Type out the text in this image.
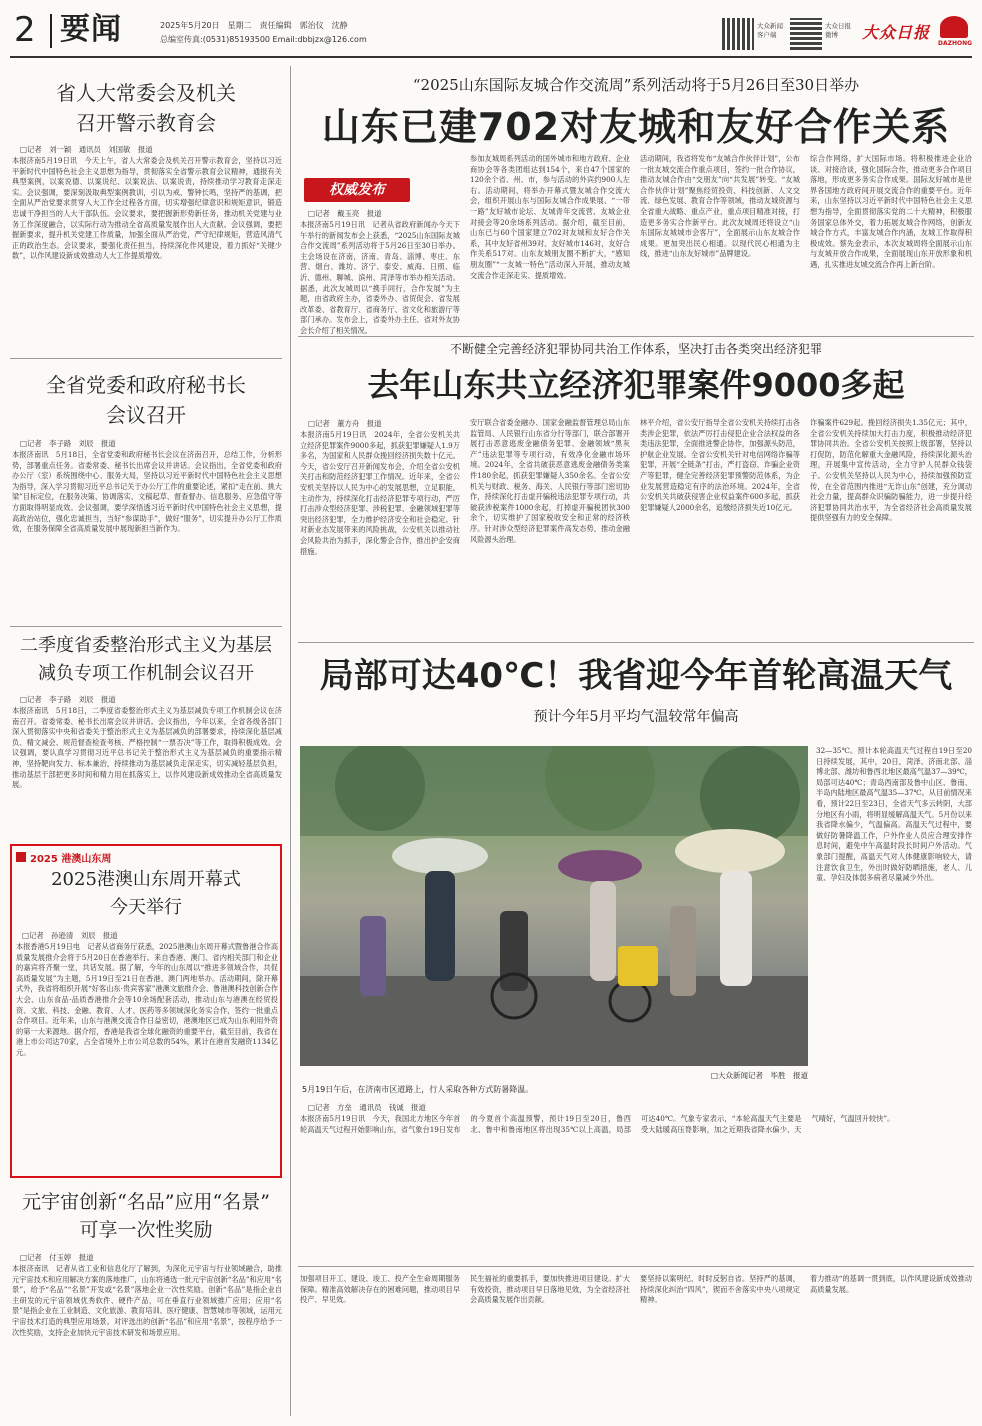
2 要闻	2025年5月20日　星期二　责任编辑　郭治仪　沈静
总编室传真:(0531)85193500 Email:dbbjzx@126.com
大众新闻客户端
大众日报微博	大众日报
DAZHONG
省人大常委会及机关
召开警示教育会
□记者　刘一颖　通讯员　刘国敏　报道
本报济南5月19日讯　今天上午，省人大常委会及机关召开警示教育会，坚持以习近平新时代中国特色社会主义思想为指导，贯彻落实全省警示教育会议精神，通报有关典型案例，以案说德、以案说纪、以案说法、以案说责，持续推动学习教育走深走实。会议强调，要深刻汲取典型案例教训，引以为戒、警钟长鸣，坚持严的基调，把全面从严治党要求贯穿人大工作全过程各方面，切实增强纪律意识和规矩意识，锻造忠诚干净担当的人大干部队伍。会议要求，要把握新形势新任务，推动机关党建与业务工作深度融合，以实际行动为推动全省高质量发展作出人大贡献。会议强调，要把握新要求，提升机关党建工作质量，加强全面从严治党，严守纪律规矩，营造风清气正的政治生态。会议要求，要强化责任担当，持续深化作风建设，着力抓好“关键少数”，以作风建设新成效推动人大工作提质增效。
全省党委和政府秘书长
会议召开
□记者　李子路　刘辰　报道
本报济南讯　5月18日，全省党委和政府秘书长会议在济南召开，总结工作，分析形势，部署重点任务。省委常委、秘书长出席会议并讲话。会议指出，全省党委和政府办公厅（室）系统围绕中心、服务大局，坚持以习近平新时代中国特色社会主义思想为指导，深入学习贯彻习近平总书记关于办公厅工作的重要论述，紧扣“走在前、挑大梁”目标定位，在服务决策、协调落实、文稿起草、督查督办、信息服务、应急值守等方面取得明显成效。会议强调，要学深悟透习近平新时代中国特色社会主义思想，提高政治站位，强化忠诚担当，当好“参谋助手”，做好“服务”，切实提升办公厅工作质效，在服务保障全省高质量发展中展现新担当新作为。
二季度省委整治形式主义为基层
减负专项工作机制会议召开
□记者　李子路　刘辰　报道
本报济南讯　5月18日，二季度省委整治形式主义为基层减负专项工作机制会议在济南召开。省委常委、秘书长出席会议并讲话。会议指出，今年以来，全省各级各部门深入贯彻落实中央和省委关于整治形式主义为基层减负的部署要求，持续深化基层减负、精文减会、规范督查检查考核、严格控制“一票否决”等工作，取得积极成效。会议强调，要认真学习贯彻习近平总书记关于整治形式主义为基层减负的重要指示精神，坚持靶向发力、标本兼治，持续推动为基层减负走深走实，切实减轻基层负担，推动基层干部把更多时间和精力用在抓落实上，以作风建设新成效推动全省高质量发展。
2025 港澳山东周
2025港澳山东周开幕式
今天举行
□记者　孙逊清　刘辰　报道
本报香港5月19日电　记者从省商务厅获悉，2025港澳山东周开幕式暨鲁港合作高质量发展推介会将于5月20日在香港举行。来自香港、澳门、省内相关部门和企业的嘉宾将齐聚一堂，共话发展。据了解，今年的山东周以“推进多领域合作，共促高质量发展”为主题，5月19日至21日在香港、澳门两地举办。活动期间，除开幕式外，我省将组织开展“好客山东·贵宾客家”港澳文旅推介会、鲁港澳科技创新合作大会、山东食品·品质香港推介会等10余场配套活动，推动山东与港澳在经贸投资、文旅、科技、金融、教育、人才、医药等多领域深化务实合作，签约一批重点合作项目。近年来，山东与港澳交流合作日益密切，港澳地区已成为山东利用外资的第一大来源地。据介绍，香港是我省全球化融资的重要平台，截至目前，我省在港上市公司达70家，占全省境外上市公司总数的54%，累计在港首发融资1134亿元。
元宇宙创新“名品”应用“名景”
可享一次性奖励
□记者　付玉婷　报道
本报济南讯　记者从省工业和信息化厅了解到，为深化元宇宙与行业领域融合，助推元宇宙技术和应用解决方案的落地推广，山东将遴选一批元宇宙创新“名品”和应用“名景”，给予“名品”“名景”开发或“名景”落地企业一次性奖励。创新“名品”是指企业自主研发的元宇宙领域优秀软件、硬件产品，可在垂直行业领域推广应用；应用“名景”是指企业在工业制造、文化旅游、教育培训、医疗健康、智慧城市等领域，运用元宇宙技术打造的典型应用场景。对评选出的创新“名品”和应用“名景”，按程序给予一次性奖励，支持企业加快元宇宙技术研发和场景应用。
“2025山东国际友城合作交流周”系列活动将于5月26日至30日举办
山东已建702对友城和友好合作关系
权威发布
□记者　戴玉亮　报道
本报济南5月19日讯　记者从省政府新闻办今天下午举行的新闻发布会上获悉，“2025山东国际友城合作交流周”系列活动将于5月26日至30日举办。主会场设在济南，济南、青岛、淄博、枣庄、东营、烟台、潍坊、济宁、泰安、威海、日照、临沂、德州、聊城、滨州、菏泽等市举办相关活动。据悉，此次友城周以“携手同行，合作发展”为主题，由省政府主办，省委外办、省贸促会、省发展改革委、省教育厅、省商务厅、省文化和旅游厅等部门承办。发布会上，省委外办主任、省对外友协会长介绍了相关情况。
参加友城周系列活动的国外城市和地方政府、企业商协会等各类团组达到154个，来自47个国家的120余个省、州、市，参与活动的外宾约900人左右。活动期间，将举办开幕式暨友城合作交流大会，组织开展山东与国际友城合作成果展、“一带一路”友好城市论坛、友城青年交流营、友城企业对接会等20余场系列活动。据介绍，截至目前，山东已与60个国家建立702对友城和友好合作关系，其中友好省州39对、友好城市146对，友好合作关系517对。山东友城朋友圈不断扩大，“感知朋友圈”“一友城一特色”活动深入开展，推动友城交流合作走深走实、提质增效。
活动期间，我省将发布“友城合作伙伴计划”，公布一批友城交流合作重点项目，签约一批合作协议，推动友城合作由“交朋友”向“共发展”转变。“友城合作伙伴计划”聚焦经贸投资、科技创新、人文交流、绿色发展、教育合作等领域，推动友城资源与全省重大战略、重点产业、重点项目精准对接，打造更多务实合作新平台。此次友城周还将设立“山东国际友城城市会客厅”，全面展示山东友城合作成果。更加突出民心相通。以现代民心相通为主线，推进“山东友好城市”品牌建设。
综合作网络，扩大国际市场。将积极推进企业洽谈、对接洽谈，强化国际合作，推动更多合作项目落地，形成更多务实合作成果。国际友好城市是世界各国地方政府间开展交流合作的重要平台。近年来，山东坚持以习近平新时代中国特色社会主义思想为指导，全面贯彻落实党的二十大精神，积极服务国家总体外交，着力拓展友城合作网络，创新友城合作方式，丰富友城合作内涵，友城工作取得积极成效。蔡先金表示，本次友城周将全面展示山东与友城开放合作成果，全面展现山东开放形象和机遇，扎实推进友城交流合作再上新台阶。
不断健全完善经济犯罪协同共治工作体系，坚决打击各类突出经济犯罪
去年山东共立经济犯罪案件9000多起
□记者　董方舟　报道
本报济南5月19日讯　2024年，全省公安机关共立经济犯罪案件9000多起，抓获犯罪嫌疑人1.9万多名，为国家和人民群众挽回经济损失数十亿元。今天，省公安厅召开新闻发布会，介绍全省公安机关打击和防范经济犯罪工作情况。近年来，全省公安机关坚持以人民为中心的发展思想，立足职能，主动作为，持续深化打击经济犯罪专项行动，严厉打击涉众型经济犯罪、涉税犯罪、金融领域犯罪等突出经济犯罪，全力维护经济安全和社会稳定。针对新业态发展带来的风险挑战，公安机关以推动社会风险共治为抓手，深化警企合作，推出护企安商措施。
安厅联合省委金融办、国家金融监督管理总局山东监管局、人民银行山东省分行等部门，联合部署开展打击恶意逃废金融债务犯罪、金融领域“黑灰产”违法犯罪等专项行动，有效净化金融市场环境。2024年，全省共破获恶意逃废金融债务类案件180余起，抓获犯罪嫌疑人350余名。全省公安机关与财政、税务、海关、人民银行等部门密切协作，持续深化打击虚开骗税违法犯罪专项行动，共破获涉税案件1000余起，打掉虚开骗税团伙300余个，切实维护了国家税收安全和正常的经济秩序。针对涉众型经济犯罪案件高发态势，推动金融风险源头治理。
林平介绍，省公安厅指导全省公安机关持续打击各类涉企犯罪，依法严厉打击侵犯企业合法权益的各类违法犯罪，全面推进警企协作，加强源头防范，护航企业发展。全省公安机关针对电信网络诈骗等犯罪，开展“全链条”打击，严打盗窃、诈骗企业资产等犯罪，健全完善经济犯罪预警防范体系，为企业发展营造稳定有序的法治环境。2024年，全省公安机关共破获侵害企业权益案件600多起，抓获犯罪嫌疑人2000余名，追缴经济损失近10亿元。
诈骗案件629起。挽回经济损失1.35亿元；其中，全省公安机关持续加大打击力度，积极推动经济犯罪协同共治。全省公安机关按照上级部署，坚持以打促防，防范化解重大金融风险，持续深化源头治理，开展集中宣传活动，全力守护人民群众钱袋子。公安机关坚持以人民为中心，持续加强预防宣传，在全省范围内推进“无诈山东”创建，充分调动社会力量，提高群众识骗防骗能力，进一步提升经济犯罪协同共治水平，为全省经济社会高质量发展提供坚强有力的安全保障。
局部可达40℃！我省迎今年首轮高温天气
预计今年5月平均气温较常年偏高
□大众新闻记者　毕胜　报道
5月19日午后，在济南市区道路上，行人采取各种方式防暑降温。
32—35℃。预计本轮高温天气过程自19日至20日持续发展，其中，20日，菏泽、济南北部、淄博北部、潍坊和鲁西北地区最高气温37—39℃，局部可达40℃；青岛西南部及鲁中山区、鲁南、半岛内陆地区最高气温35—37℃。从目前情况来看，预计22日至23日，全省天气多云转阴，大部分地区有小雨，将明显缓解高温天气。5月份以来我省降水偏少，气温偏高。高温天气过程中，要做好防暑降温工作，户外作业人员应合理安排作息时间，避免中午高温时段长时间户外活动。气象部门提醒，高温天气对人体健康影响较大，请注意饮食卫生，外出时做好防晒措施，老人、儿童、孕妇及体弱多病者尽量减少外出。
□记者　方垒　通讯员　钱诚　报道
本报济南5月19日讯　今天，我国北方地区今年首轮高温天气过程开始影响山东，省气象台19日发布的今夏首个高温预警，预计19日至20日，鲁西北、鲁中和鲁南地区将出现35℃以上高温，局部可达40℃。气象专家表示，“本轮高温天气主要是受大陆暖高压脊影响，加之近期我省降水偏少、天气晴好，气温回升较快”。
加强项目开工、建设、竣工、投产全生命周期服务保障。精准高效解决存在的困难问题，推动项目早投产、早见效。
民生福祉的重要抓手，要加快推进项目建设。扩大有效投资，推动项目早日落地见效，为全省经济社会高质量发展作出贡献。
要坚持以案明纪、时时反躬自省。坚持严的基调，持续深化纠治“四风”，锲而不舍落实中央八项规定精神。
着力推动“的基调一贯到底，以作风建设新成效推动高质量发展。
